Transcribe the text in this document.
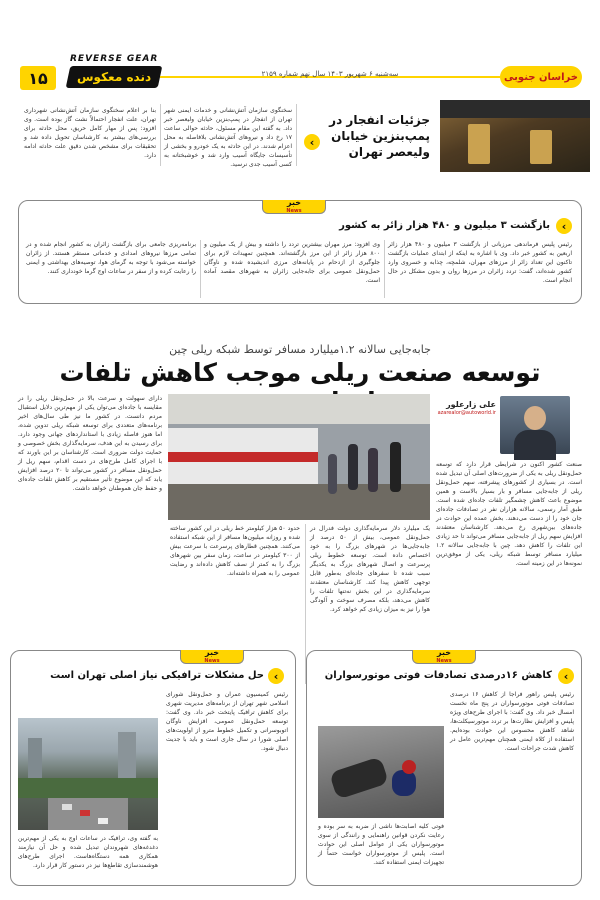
REVERSE GEAR
۱۵	دنده معکوس	سه‌شنبه ۶ شهریور ۱۴۰۳ سال نهم شماره ۲۱۵۹	خراسان جنوبی
جزئیات انفجار در پمپ‌بنزین خیابان ولیعصر تهران
‹
سخنگوی سازمان آتش‌نشانی و خدمات ایمنی شهر تهران از انفجار در پمپ‌بنزین خیابان ولیعصر خبر داد. به گفته این مقام مسئول، حادثه حوالی ساعت ۱۷ رخ داد و نیروهای آتش‌نشانی بلافاصله به محل اعزام شدند. در این حادثه به یک خودرو و بخشی از تأسیسات جایگاه آسیب وارد شد و خوشبختانه به کسی آسیب جدی نرسید.
بنا بر اعلام سخنگوی سازمان آتش‌نشانی شهرداری تهران، علت انفجار احتمالاً نشت گاز بوده است. وی افزود: پس از مهار کامل حریق، محل حادثه برای بررسی‌های بیشتر به کارشناسان تحویل داده شد و تحقیقات برای مشخص شدن دقیق علت حادثه ادامه دارد.
خبر
News
‹
بازگشت ۳ میلیون و ۴۸۰ هزار زائر به کشور
رئیس پلیس فرماندهی مرزبانی از بازگشت ۳ میلیون و ۴۸۰ هزار زائر اربعین به کشور خبر داد. وی با اشاره به اینکه از ابتدای عملیات بازگشت تاکنون این تعداد زائر از مرزهای مهران، شلمچه، چذابه و خسروی وارد کشور شده‌اند، گفت: تردد زائران در مرزها روان و بدون مشکل در حال انجام است.
وی افزود: مرز مهران بیشترین تردد را داشته و بیش از یک میلیون و ۸۰۰ هزار زائر از این مرز بازگشته‌اند. همچنین تمهیدات لازم برای جلوگیری از ازدحام در پایانه‌های مرزی اندیشیده شده و ناوگان حمل‌ونقل عمومی برای جابه‌جایی زائران به شهرهای مقصد آماده است.
برنامه‌ریزی جامعی برای بازگشت زائران به کشور انجام شده و در تمامی مرزها نیروهای امدادی و خدماتی مستقر هستند. از زائران خواسته می‌شود با توجه به گرمای هوا، توصیه‌های بهداشتی و ایمنی را رعایت کرده و از سفر در ساعات اوج گرما خودداری کنند.
جابه‌جایی سالانه ۱.۲میلیارد مسافر توسط شبکه ریلی چین
توسعه صنعت ریلی موجب کاهش تلفات
علی زارعلور
azarealor@autoworld.ir
صنعت کشور اکنون در شرایطی قرار دارد که توسعه حمل‌ونقل ریلی به یکی از ضرورت‌های اصلی آن تبدیل شده است. در بسیاری از کشورهای پیشرفته، سهم حمل‌ونقل ریلی از جابه‌جایی مسافر و بار بسیار بالاست و همین موضوع باعث کاهش چشمگیر تلفات جاده‌ای شده است. طبق آمار رسمی، سالانه هزاران نفر در تصادفات جاده‌ای جان خود را از دست می‌دهند. بخش عمده این حوادث در جاده‌های بین‌شهری رخ می‌دهد. کارشناسان معتقدند افزایش سهم ریل از جابه‌جایی مسافر می‌تواند تا حد زیادی این تلفات را کاهش دهد. چین با جابه‌جایی سالانه ۱.۲ میلیارد مسافر توسط شبکه ریلی، یکی از موفق‌ترین نمونه‌ها در این زمینه است.
یک میلیارد دلار سرمایه‌گذاری دولت فدرال در حمل‌ونقل عمومی، بیش از ۵۰ درصد از جابه‌جایی‌ها در شهرهای بزرگ را به خود اختصاص داده است. توسعه خطوط ریلی پرسرعت و اتصال شهرهای بزرگ به یکدیگر سبب شده تا سفرهای جاده‌ای به‌طور قابل توجهی کاهش پیدا کند. کارشناسان معتقدند سرمایه‌گذاری در این بخش نه‌تنها تلفات را کاهش می‌دهد، بلکه مصرف سوخت و آلودگی هوا را نیز به میزان زیادی کم خواهد کرد.
حدود ۵۰ هزار کیلومتر خط ریلی در این کشور ساخته شده و روزانه میلیون‌ها مسافر از این شبکه استفاده می‌کنند. همچنین قطارهای پرسرعت با سرعت بیش از ۳۰۰ کیلومتر در ساعت، زمان سفر بین شهرهای بزرگ را به کمتر از نصف کاهش داده‌اند و رضایت عمومی را به همراه داشته‌اند.
دارای سهولت و سرعت بالا در حمل‌ونقل ریلی را در مقایسه با جاده‌ای می‌توان یکی از مهم‌ترین دلایل استقبال مردم دانست. در کشور ما نیز طی سال‌های اخیر برنامه‌های متعددی برای توسعه شبکه ریلی تدوین شده، اما هنوز فاصله زیادی با استانداردهای جهانی وجود دارد. برای رسیدن به این هدف، سرمایه‌گذاری بخش خصوصی و حمایت دولت ضروری است. کارشناسان بر این باورند که با اجرای کامل طرح‌های در دست اقدام، سهم ریل از حمل‌ونقل مسافر در کشور می‌تواند تا ۲۰ درصد افزایش یابد که این موضوع تأثیر مستقیم بر کاهش تلفات جاده‌ای و حفظ جان هموطنان خواهد داشت.
خبر
News
‹
کاهش ۱۶درصدی تصادفات فوتی موتورسواران
رئیس پلیس راهور فراجا از کاهش ۱۶ درصدی تصادفات فوتی موتورسواران در پنج ماه نخست امسال خبر داد. وی گفت: با اجرای طرح‌های ویژه پلیس و افزایش نظارت‌ها بر تردد موتورسیکلت‌ها، شاهد کاهش محسوس این حوادث بوده‌ایم. استفاده از کلاه ایمنی همچنان مهم‌ترین عامل در کاهش شدت جراحات است.
فوتی کلیه اصابت‌ها ناشی از ضربه به سر بوده و رعایت نکردن قوانین راهنمایی و رانندگی از سوی موتورسواران یکی از عوامل اصلی این حوادث است. پلیس از موتورسواران خواست حتماً از تجهیزات ایمنی استفاده کنند.
خبر
News
‹
حل مشکلات ترافیکی نیاز اصلی تهران است
رئیس کمیسیون عمران و حمل‌ونقل شورای اسلامی شهر تهران از برنامه‌های مدیریت شهری برای کاهش ترافیک پایتخت خبر داد. وی گفت: توسعه حمل‌ونقل عمومی، افزایش ناوگان اتوبوسرانی و تکمیل خطوط مترو از اولویت‌های اصلی شورا در سال جاری است و باید با جدیت دنبال شود.
به گفته وی، ترافیک در ساعات اوج به یکی از مهم‌ترین دغدغه‌های شهروندان تبدیل شده و حل آن نیازمند همکاری همه دستگاه‌هاست. اجرای طرح‌های هوشمندسازی تقاطع‌ها نیز در دستور کار قرار دارد.
